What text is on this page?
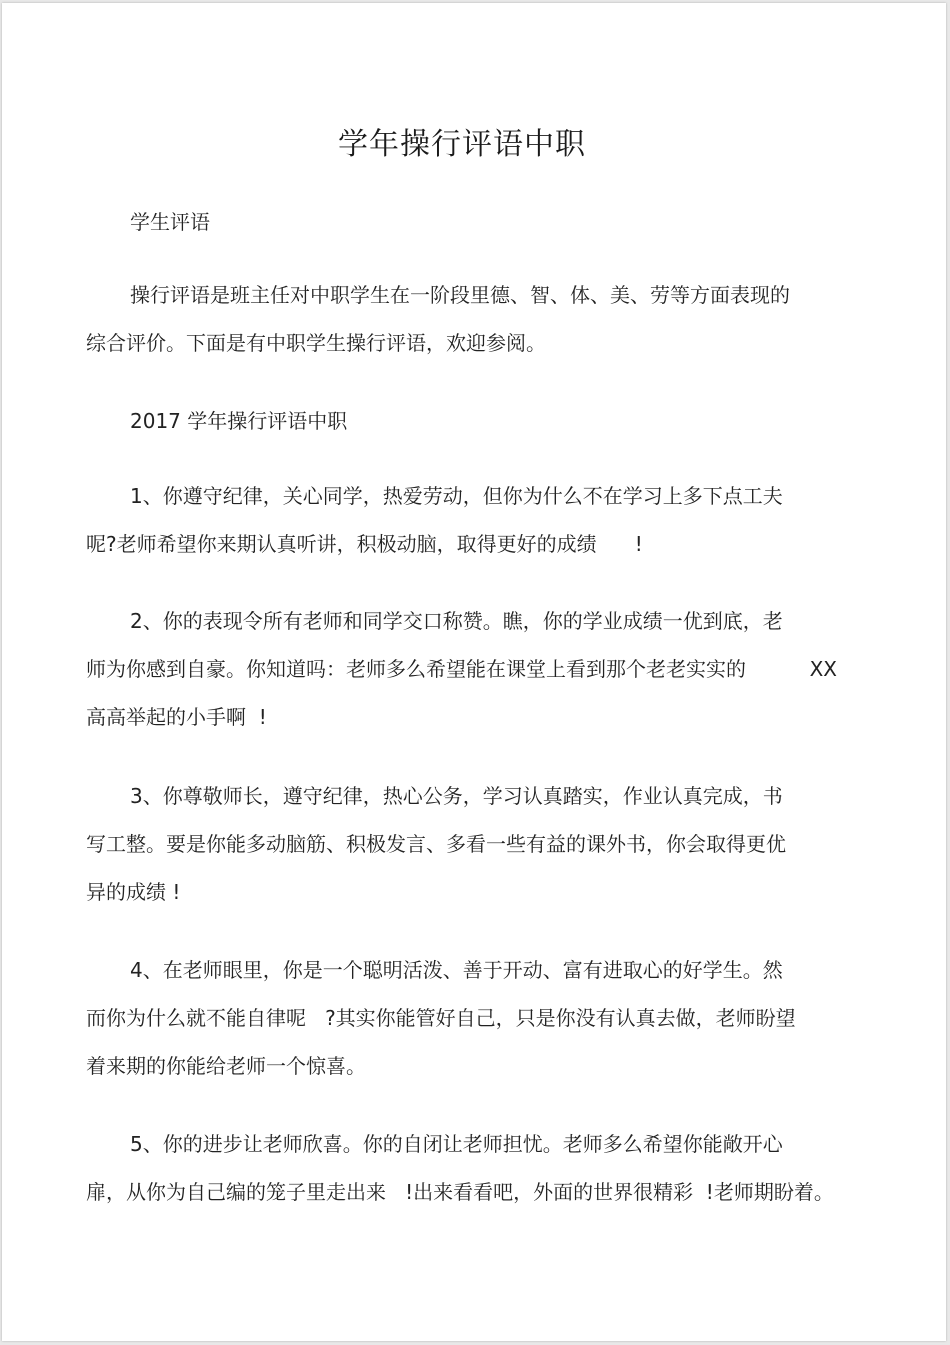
学年操行评语中职
学生评语
操行评语是班主任对中职学生在一阶段里德、智、体、美、劳等方面表现的
综合评价。下面是有中职学生操行评语，欢迎参阅。
2017 学年操行评语中职
1、你遵守纪律，关心同学，热爱劳动，但你为什么不在学习上多下点工夫
呢?老师希望你来期认真听讲，积极动脑，取得更好的成绩      !
2、你的表现令所有老师和同学交口称赞。瞧，你的学业成绩一优到底，老
师为你感到自豪。你知道吗：老师多么希望能在课堂上看到那个老老实实的          XX
高高举起的小手啊  !
3、你尊敬师长，遵守纪律，热心公务，学习认真踏实，作业认真完成，书
写工整。要是你能多动脑筋、积极发言、多看一些有益的课外书，你会取得更优
异的成绩 !
4、在老师眼里，你是一个聪明活泼、善于开动、富有进取心的好学生。然
而你为什么就不能自律呢   ?其实你能管好自己，只是你没有认真去做，老师盼望
着来期的你能给老师一个惊喜。
5、你的进步让老师欣喜。你的自闭让老师担忧。老师多么希望你能敞开心
扉，从你为自己编的笼子里走出来   !出来看看吧，外面的世界很精彩  !老师期盼着。
